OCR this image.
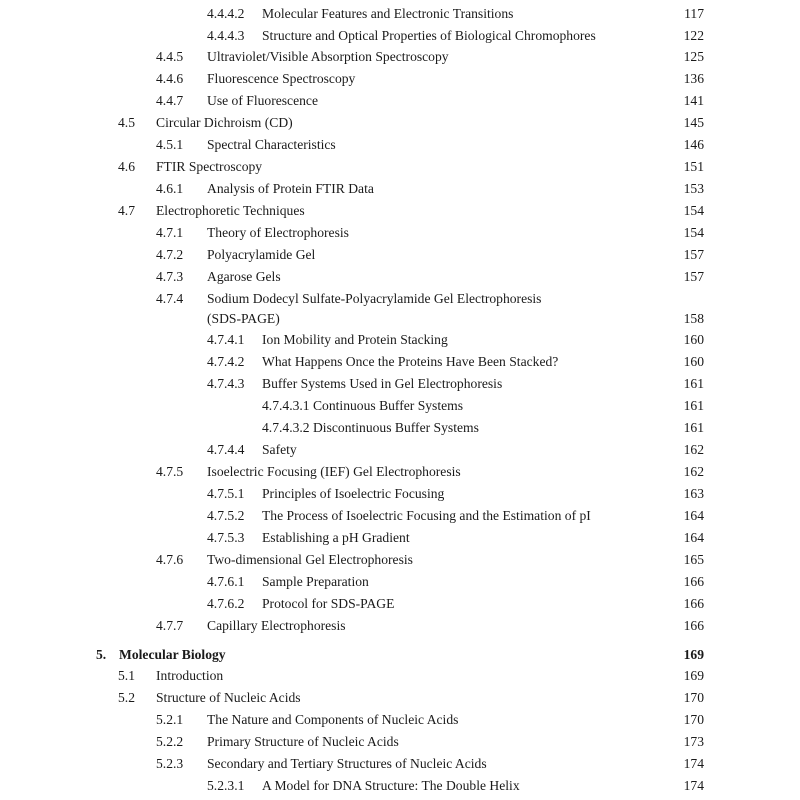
4.4.4.2 Molecular Features and Electronic Transitions	117
4.4.4.3 Structure and Optical Properties of Biological Chromophores	122
4.4.5 Ultraviolet/Visible Absorption Spectroscopy	125
4.4.6 Fluorescence Spectroscopy	136
4.4.7 Use of Fluorescence	141
4.5 Circular Dichroism (CD)	145
4.5.1 Spectral Characteristics	146
4.6 FTIR Spectroscopy	151
4.6.1 Analysis of Protein FTIR Data	153
4.7 Electrophoretic Techniques	154
4.7.1 Theory of Electrophoresis	154
4.7.2 Polyacrylamide Gel	157
4.7.3 Agarose Gels	157
4.7.4 Sodium Dodecyl Sulfate-Polyacrylamide Gel Electrophoresis
(SDS-PAGE)	158
4.7.4.1 Ion Mobility and Protein Stacking	160
4.7.4.2 What Happens Once the Proteins Have Been Stacked?	160
4.7.4.3 Buffer Systems Used in Gel Electrophoresis	161
4.7.4.3.1 Continuous Buffer Systems	161
4.7.4.3.2 Discontinuous Buffer Systems	161
4.7.4.4 Safety	162
4.7.5 Isoelectric Focusing (IEF) Gel Electrophoresis	162
4.7.5.1 Principles of Isoelectric Focusing	163
4.7.5.2 The Process of Isoelectric Focusing and the Estimation of pI	164
4.7.5.3 Establishing a pH Gradient	164
4.7.6 Two-dimensional Gel Electrophoresis	165
4.7.6.1 Sample Preparation	166
4.7.6.2 Protocol for SDS-PAGE	166
4.7.7 Capillary Electrophoresis	166
5. Molecular Biology	169
5.1 Introduction	169
5.2 Structure of Nucleic Acids	170
5.2.1 The Nature and Components of Nucleic Acids	170
5.2.2 Primary Structure of Nucleic Acids	173
5.2.3 Secondary and Tertiary Structures of Nucleic Acids	174
5.2.3.1 A Model for DNA Structure: The Double Helix	174
